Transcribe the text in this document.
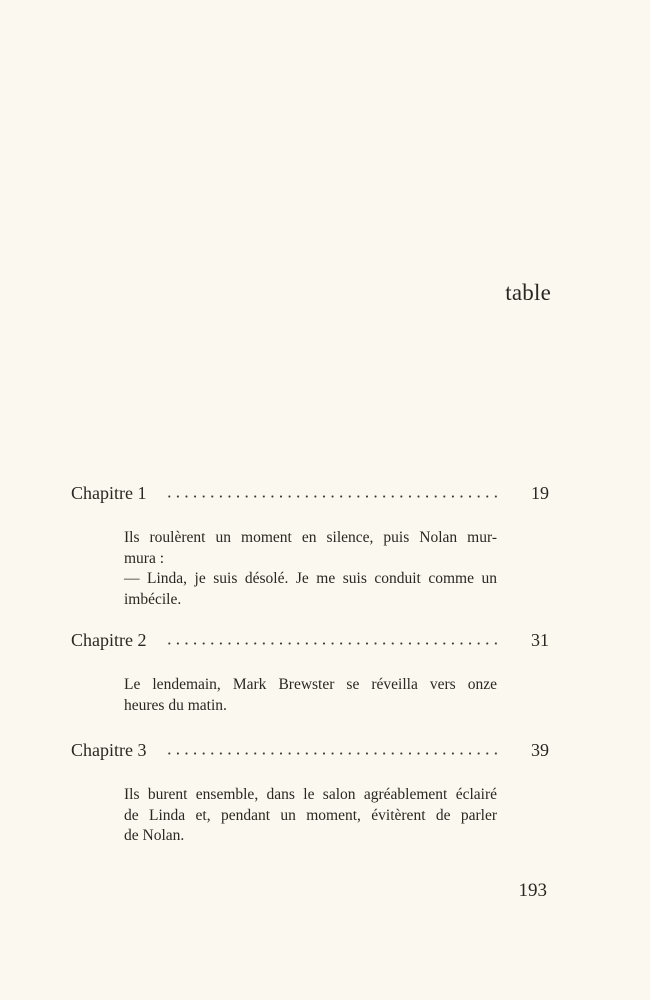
table
Chapitre 1	19
Ils roulèrent un moment en silence, puis Nolan mur-
mura :
— Linda, je suis désolé. Je me suis conduit comme un
imbécile.
Chapitre 2	31
Le lendemain, Mark Brewster se réveilla vers onze
heures du matin.
Chapitre 3	39
Ils burent ensemble, dans le salon agréablement éclairé
de Linda et, pendant un moment, évitèrent de parler
de Nolan.
193
